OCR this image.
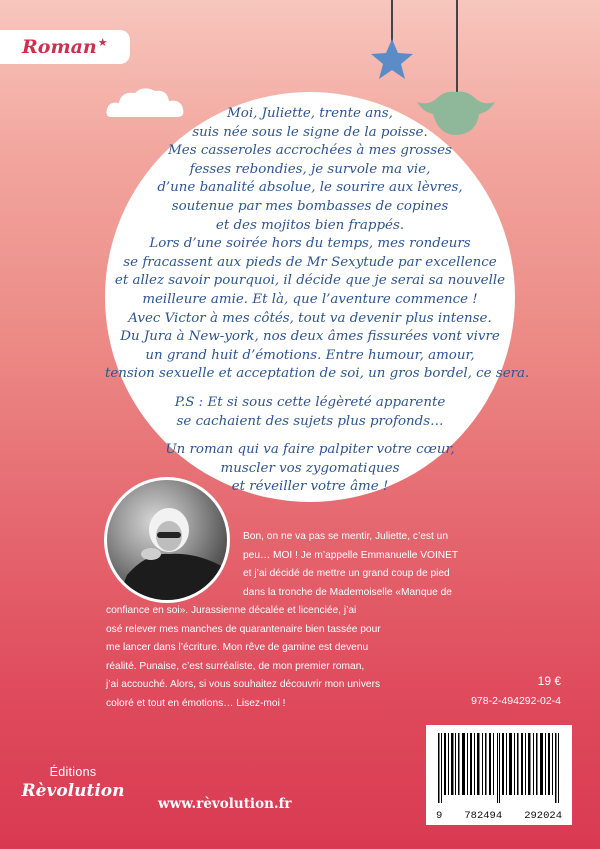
Roman ★
Moi, Juliette, trente ans,
suis née sous le signe de la poisse.
Mes casseroles accrochées à mes grosses
fesses rebondies, je survole ma vie,
d’une banalité absolue, le sourire aux lèvres,
soutenue par mes bombasses de copines
et des mojitos bien frappés.
Lors d’une soirée hors du temps, mes rondeurs
se fracassent aux pieds de Mr Sexytude par excellence
et allez savoir pourquoi, il décide que je serai sa nouvelle
meilleure amie. Et là, que l’aventure commence !
Avec Victor à mes côtés, tout va devenir plus intense.
Du Jura à New-york, nos deux âmes fissurées vont vivre
un grand huit d’émotions. Entre humour, amour,
tension sexuelle et acceptation de soi, un gros bordel, ce sera.
P.S : Et si sous cette légèreté apparente
se cachaient des sujets plus profonds…
Un roman qui va faire palpiter votre cœur,
muscler vos zygomatiques
et réveiller votre âme !
Bon, on ne va pas se mentir, Juliette, c’est un
peu… MOI ! Je m’appelle Emmanuelle VOINET
et j’ai décidé de mettre un grand coup de pied
dans la tronche de Mademoiselle «Manque de
confiance en soi». Jurassienne décalée et licenciée, j’ai
osé relever mes manches de quarantenaire bien tassée pour
me lancer dans l’écriture. Mon rêve de gamine est devenu
réalité. Punaise, c’est surréaliste, de mon premier roman,
j’ai accouché. Alors, si vous souhaitez découvrir mon univers
coloré et tout en émotions… Lisez-moi !
19 €
978-2-494292-02-4
9 782494 292024
Éditions
Rèvolution
www.rèvolution.fr
